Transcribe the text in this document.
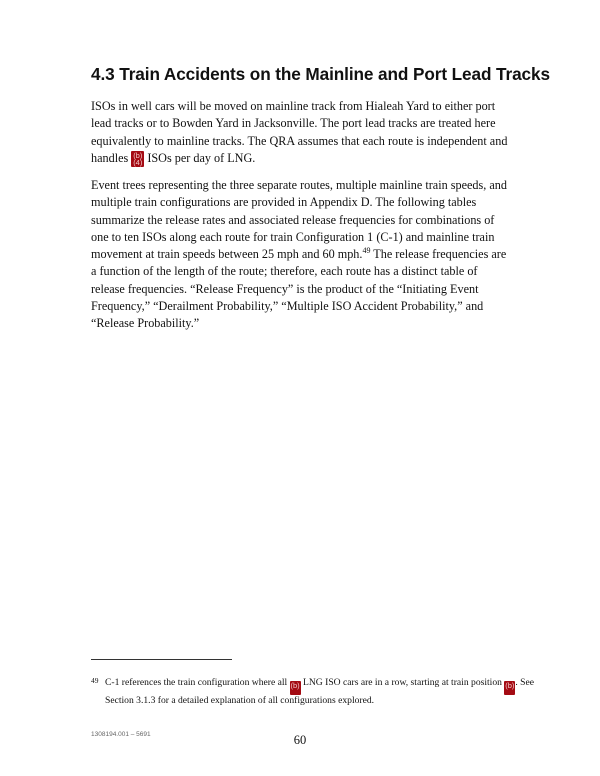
4.3 Train Accidents on the Mainline and Port Lead Tracks

ISOs in well cars will be moved on mainline track from Hialeah Yard to either port lead tracks or to Bowden Yard in Jacksonville. The port lead tracks are treated here equivalently to mainline tracks. The QRA assumes that each route is independent and handles (b)(4) ISOs per day of LNG.

Event trees representing the three separate routes, multiple mainline train speeds, and multiple train configurations are provided in Appendix D. The following tables summarize the release rates and associated release frequencies for combinations of one to ten ISOs along each route for train Configuration 1 (C-1) and mainline train movement at train speeds between 25 mph and 60 mph.$^{49}$ The release frequencies are a function of the length of the route; therefore, each route has a distinct table of release frequencies. “Release Frequency” is the product of the “Initiating Event Frequency,” “Derailment Probability,” “Multiple ISO Accident Probability,” and “Release Probability.”

49 C-1 references the train configuration where all (b) LNG ISO cars are in a row, starting at train position (b). See Section 3.1.3 for a detailed explanation of all configurations explored.
1308194.001 – 5691	60
